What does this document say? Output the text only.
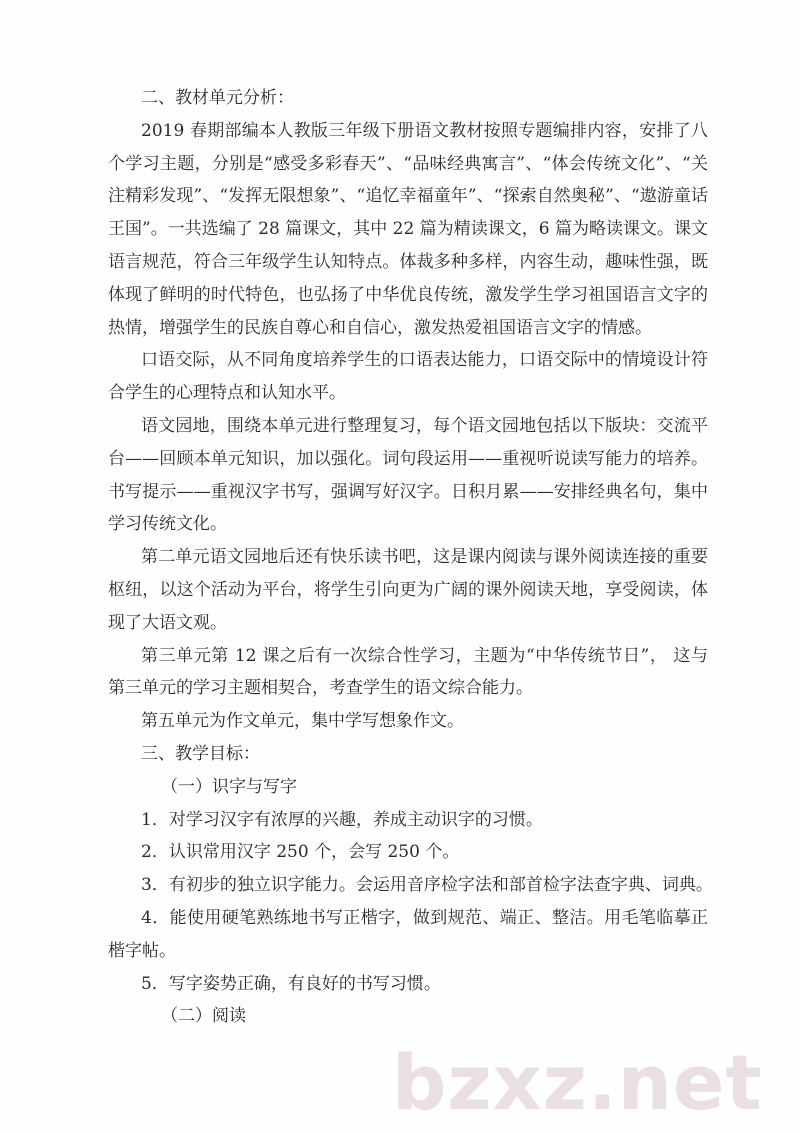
二、教材单元分析：
2019 春期部编本人教版三年级下册语文教材按照专题编排内容，安排了八
个学习主题，分别是“感受多彩春天”、“品味经典寓言”、“体会传统文化”、“关
注精彩发现”、“发挥无限想象”、“追忆幸福童年”、“探索自然奥秘”、“遨游童话
王国”。一共选编了 28 篇课文，其中 22 篇为精读课文，6 篇为略读课文。课文
语言规范，符合三年级学生认知特点。体裁多种多样，内容生动，趣味性强，既
体现了鲜明的时代特色，也弘扬了中华优良传统，激发学生学习祖国语言文字的
热情，增强学生的民族自尊心和自信心，激发热爱祖国语言文字的情感。
口语交际，从不同角度培养学生的口语表达能力，口语交际中的情境设计符
合学生的心理特点和认知水平。
语文园地，围绕本单元进行整理复习，每个语文园地包括以下版块：交流平
台——回顾本单元知识，加以强化。词句段运用——重视听说读写能力的培养。
书写提示——重视汉字书写，强调写好汉字。日积月累——安排经典名句，集中
学习传统文化。
第二单元语文园地后还有快乐读书吧，这是课内阅读与课外阅读连接的重要
枢纽，以这个活动为平台，将学生引向更为广阔的课外阅读天地，享受阅读，体
现了大语文观。
第三单元第 12 课之后有一次综合性学习，主题为“中华传统节日”， 这与
第三单元的学习主题相契合，考查学生的语文综合能力。
第五单元为作文单元，集中学写想象作文。
三、教学目标：
（一）识字与写字
1．对学习汉字有浓厚的兴趣，养成主动识字的习惯。
2．认识常用汉字 250 个，会写 250 个。
3．有初步的独立识字能力。会运用音序检字法和部首检字法查字典、词典。
4．能使用硬笔熟练地书写正楷字，做到规范、端正、整洁。用毛笔临摹正
楷字帖。
5．写字姿势正确，有良好的书写习惯。
（二）阅读
bzxz.net
